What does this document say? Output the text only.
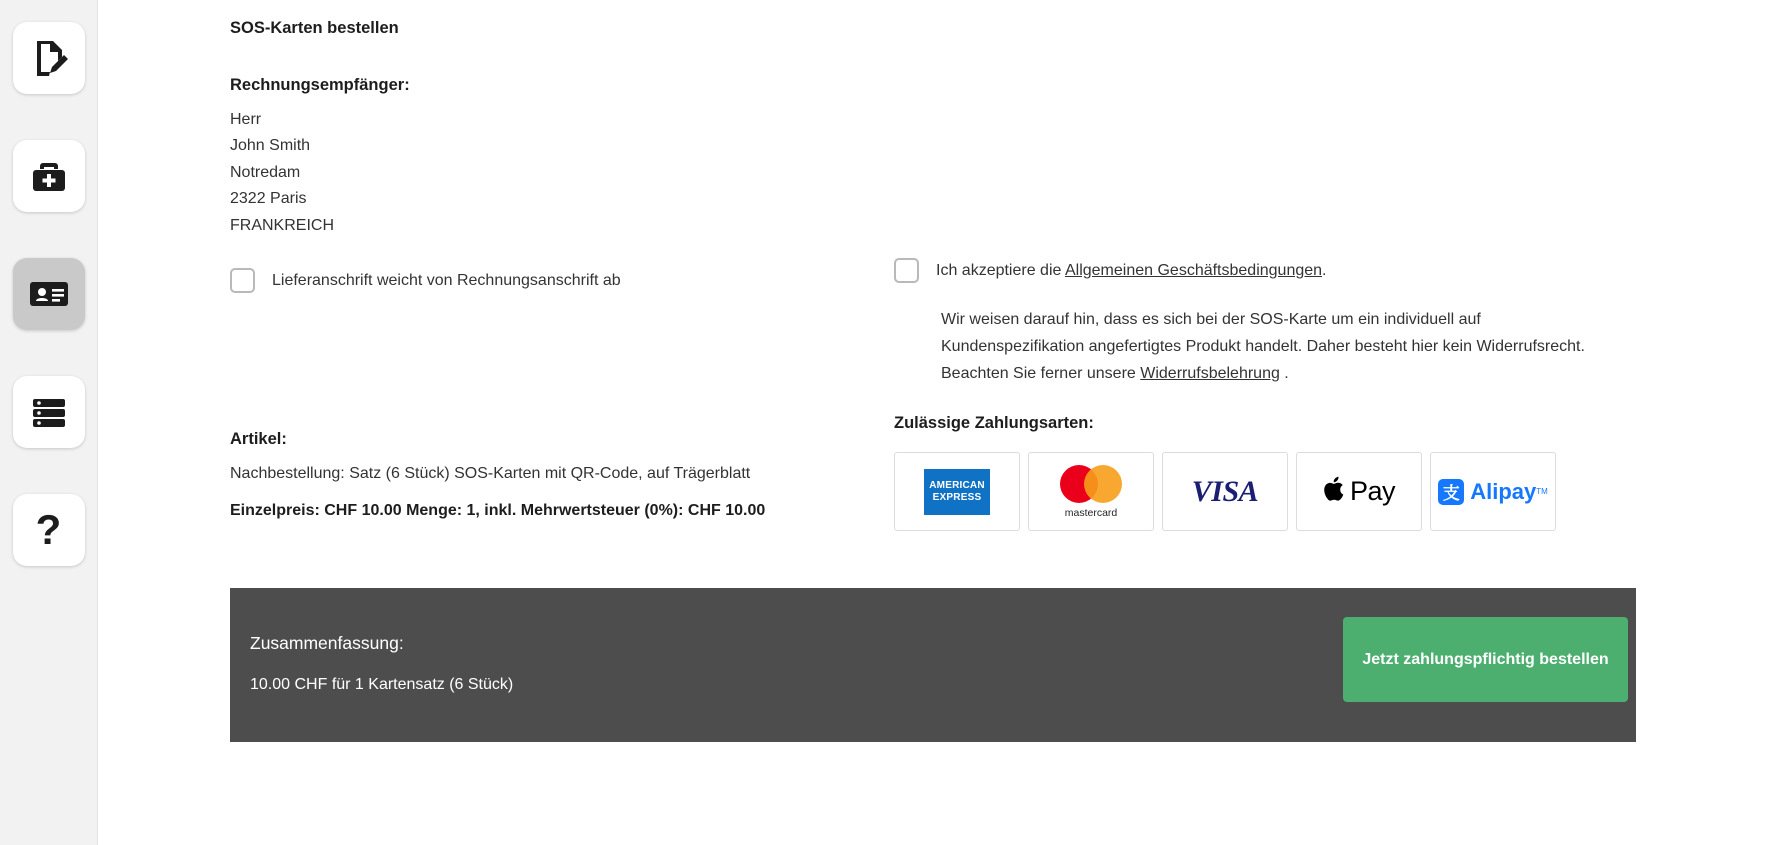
?
SOS-Karten bestellen
Rechnungsempfänger:
Herr
John Smith
Notredam
2322 Paris
FRANKREICH
Lieferanschrift weicht von Rechnungsanschrift ab
Artikel:
Nachbestellung: Satz (6 Stück) SOS-Karten mit QR-Code, auf Trägerblatt
Einzelpreis: CHF 10.00 Menge: 1, inkl. Mehrwertsteuer (0%): CHF 10.00
Ich akzeptiere die Allgemeinen Geschäftsbedingungen.
Wir weisen darauf hin, dass es sich bei der SOS-Karte um ein individuell auf Kundenspezifikation angefertigtes Produkt handelt. Daher besteht hier kein Widerrufsrecht. Beachten Sie ferner unsere Widerrufsbelehrung .
Zulässige Zahlungsarten:
AMERICAN
EXPRESS
mastercard
VISA	Pay	支 Alipay TM
Zusammenfassung:
10.00 CHF für 1 Kartensatz (6 Stück)
Jetzt zahlungspflichtig bestellen
